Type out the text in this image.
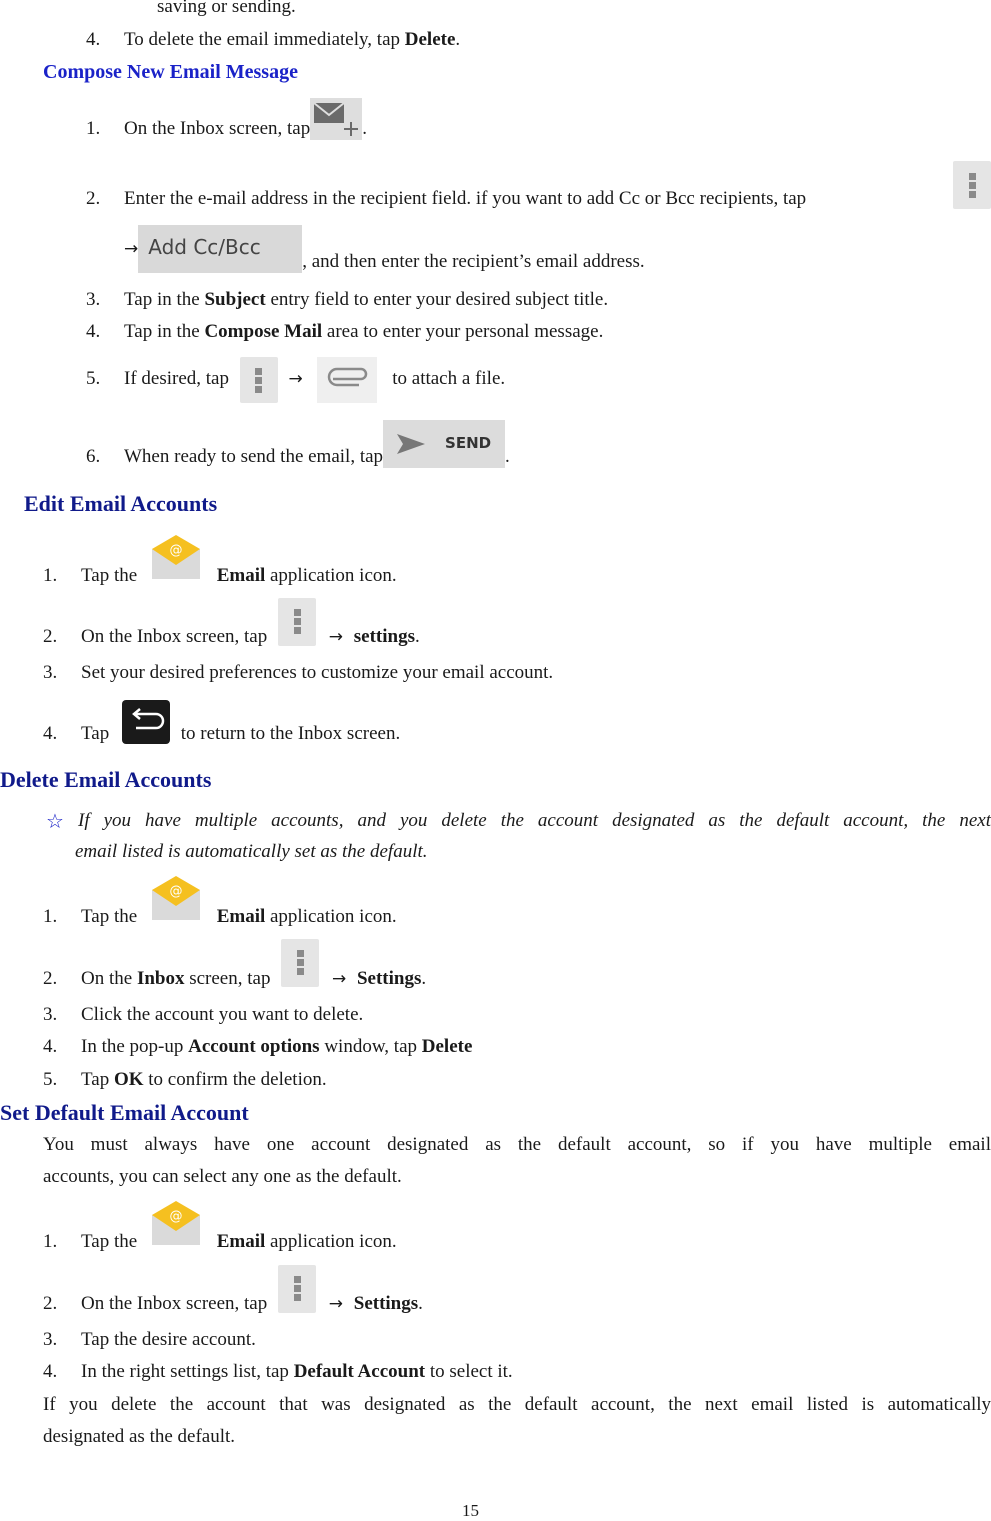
saving or sending.
4. To delete the email immediately, tap Delete.
Compose New Email Message
1. On the Inbox screen, tap	.
2. Enter the e-mail address in the recipient field. if you want to add Cc or Bcc recipients, tap
→ Add Cc/Bcc
, and then enter the recipient’s email address.
3. Tap in the Subject entry field to enter your desired subject title.
4. Tap in the Compose Mail area to enter your personal message.
5. If desired, tap	→	to attach a file.
6. When ready to send the email, tap
SEND
.
Edit Email Accounts
1. Tap the
@
Email application icon.
2. On the Inbox screen, tap	→ settings.
3. Set your desired preferences to customize your email account.
4. Tap	to return to the Inbox screen.
Delete Email Accounts
☆ If you have multiple accounts, and you delete the account designated as the default account, the next
email listed is automatically set as the default.
1. Tap the
@
Email application icon.
2. On the Inbox screen, tap	→ Settings.
3. Click the account you want to delete.
4. In the pop-up Account options window, tap Delete
5. Tap OK to confirm the deletion.
Set Default Email Account
You must always have one account designated as the default account, so if you have multiple email
accounts, you can select any one as the default.
1. Tap the
@
Email application icon.
2. On the Inbox screen, tap	→ Settings.
3. Tap the desire account.
4. In the right settings list, tap Default Account to select it.
If you delete the account that was designated as the default account, the next email listed is automatically
designated as the default.
15
